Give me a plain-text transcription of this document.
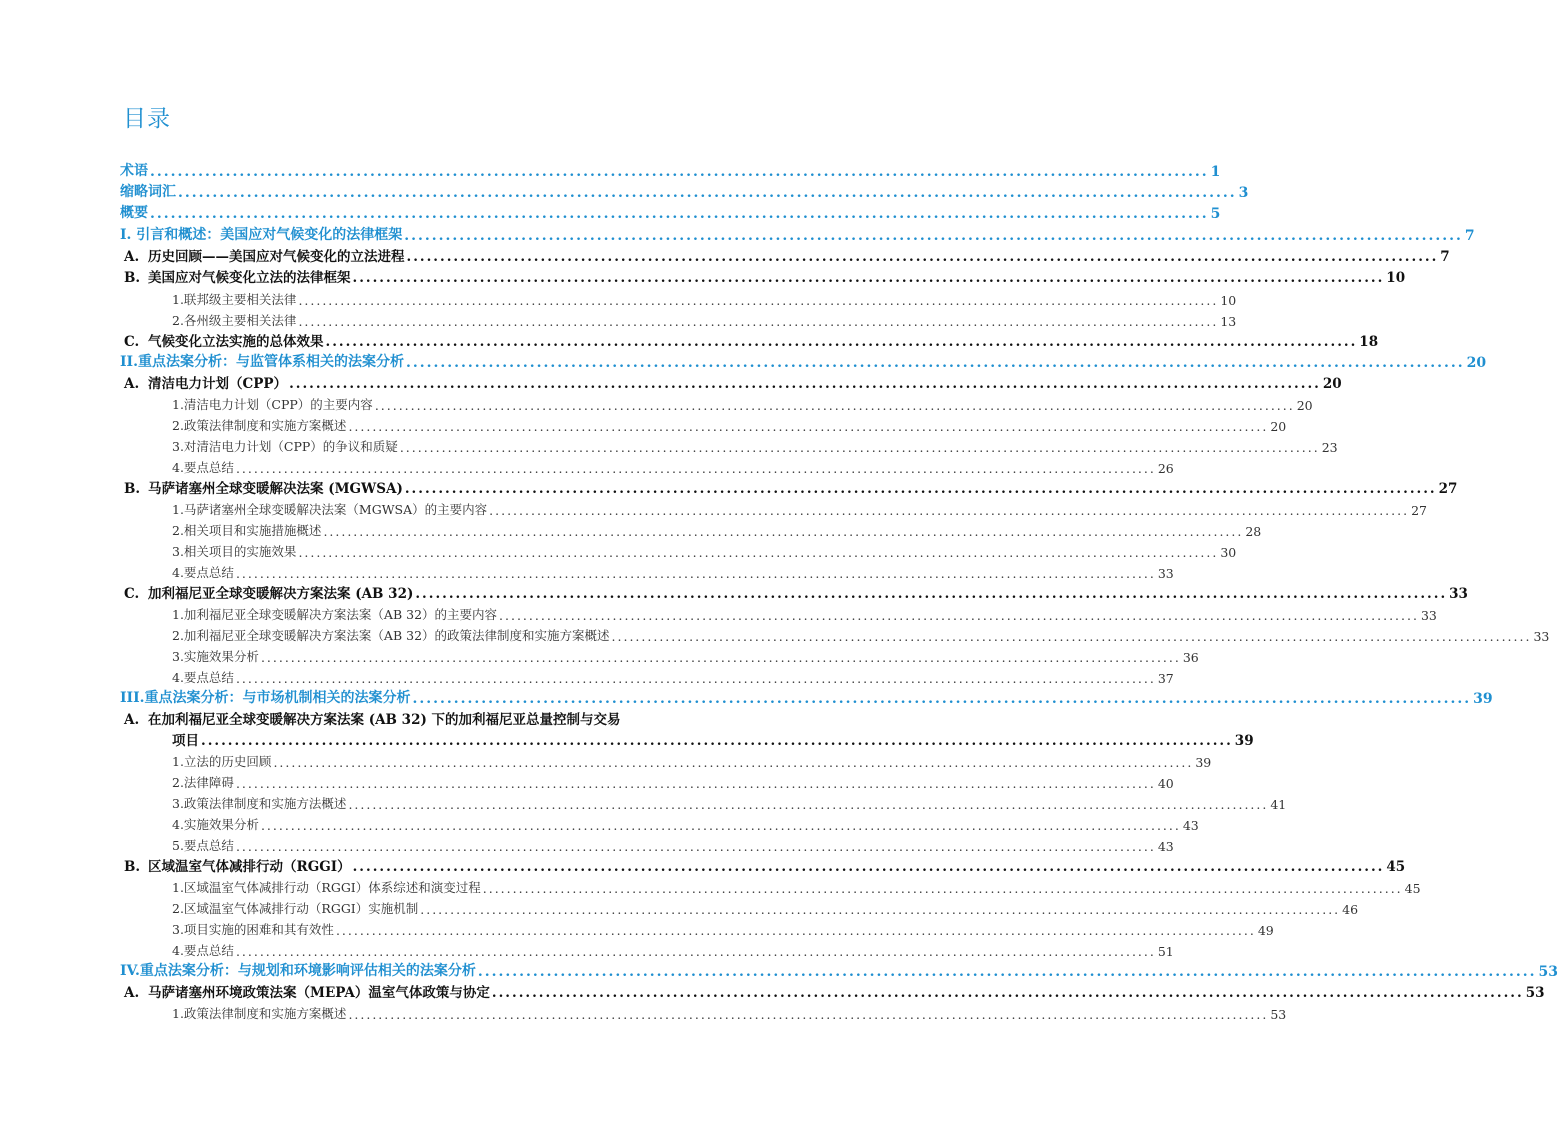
目录
术语 .......................................................................................................................................................... 1
缩略词汇 .......................................................................................................................................................... 3
概要 .......................................................................................................................................................... 5
I. 引言和概述：美国应对气候变化的法律框架 .......................................................................................................................................................... 7
A. 历史回顾——美国应对气候变化的立法进程 .......................................................................................................................................................... 7
B. 美国应对气候变化立法的法律框架 .......................................................................................................................................................... 10
1.联邦级主要相关法律 .......................................................................................................................................................... 10
2.各州级主要相关法律 .......................................................................................................................................................... 13
C. 气候变化立法实施的总体效果 .......................................................................................................................................................... 18
II.重点法案分析：与监管体系相关的法案分析 .......................................................................................................................................................... 20
A. 清洁电力计划（CPP） .......................................................................................................................................................... 20
1.清洁电力计划（CPP）的主要内容 .......................................................................................................................................................... 20
2.政策法律制度和实施方案概述 .......................................................................................................................................................... 20
3.对清洁电力计划（CPP）的争议和质疑 .......................................................................................................................................................... 23
4.要点总结 .......................................................................................................................................................... 26
B. 马萨诸塞州全球变暖解决法案 (MGWSA) .......................................................................................................................................................... 27
1.马萨诸塞州全球变暖解决法案（MGWSA）的主要内容 .......................................................................................................................................................... 27
2.相关项目和实施措施概述 .......................................................................................................................................................... 28
3.相关项目的实施效果 .......................................................................................................................................................... 30
4.要点总结 .......................................................................................................................................................... 33
C. 加利福尼亚全球变暖解决方案法案 (AB 32) .......................................................................................................................................................... 33
1.加利福尼亚全球变暖解决方案法案（AB 32）的主要内容 .......................................................................................................................................................... 33
2.加利福尼亚全球变暖解决方案法案（AB 32）的政策法律制度和实施方案概述 .......................................................................................................................................................... 33
3.实施效果分析 .......................................................................................................................................................... 36
4.要点总结 .......................................................................................................................................................... 37
III.重点法案分析：与市场机制相关的法案分析 .......................................................................................................................................................... 39
A. 在加利福尼亚全球变暖解决方案法案 (AB 32) 下的加利福尼亚总量控制与交易
项目 .......................................................................................................................................................... 39
1.立法的历史回顾 .......................................................................................................................................................... 39
2.法律障碍 .......................................................................................................................................................... 40
3.政策法律制度和实施方法概述 .......................................................................................................................................................... 41
4.实施效果分析 .......................................................................................................................................................... 43
5.要点总结 .......................................................................................................................................................... 43
B. 区域温室气体减排行动（RGGI） .......................................................................................................................................................... 45
1.区域温室气体减排行动（RGGI）体系综述和演变过程 .......................................................................................................................................................... 45
2.区域温室气体减排行动（RGGI）实施机制 .......................................................................................................................................................... 46
3.项目实施的困难和其有效性 .......................................................................................................................................................... 49
4.要点总结 .......................................................................................................................................................... 51
IV.重点法案分析：与规划和环境影响评估相关的法案分析 .......................................................................................................................................................... 53
A. 马萨诸塞州环境政策法案（MEPA）温室气体政策与协定 .......................................................................................................................................................... 53
1.政策法律制度和实施方案概述 .......................................................................................................................................................... 53
